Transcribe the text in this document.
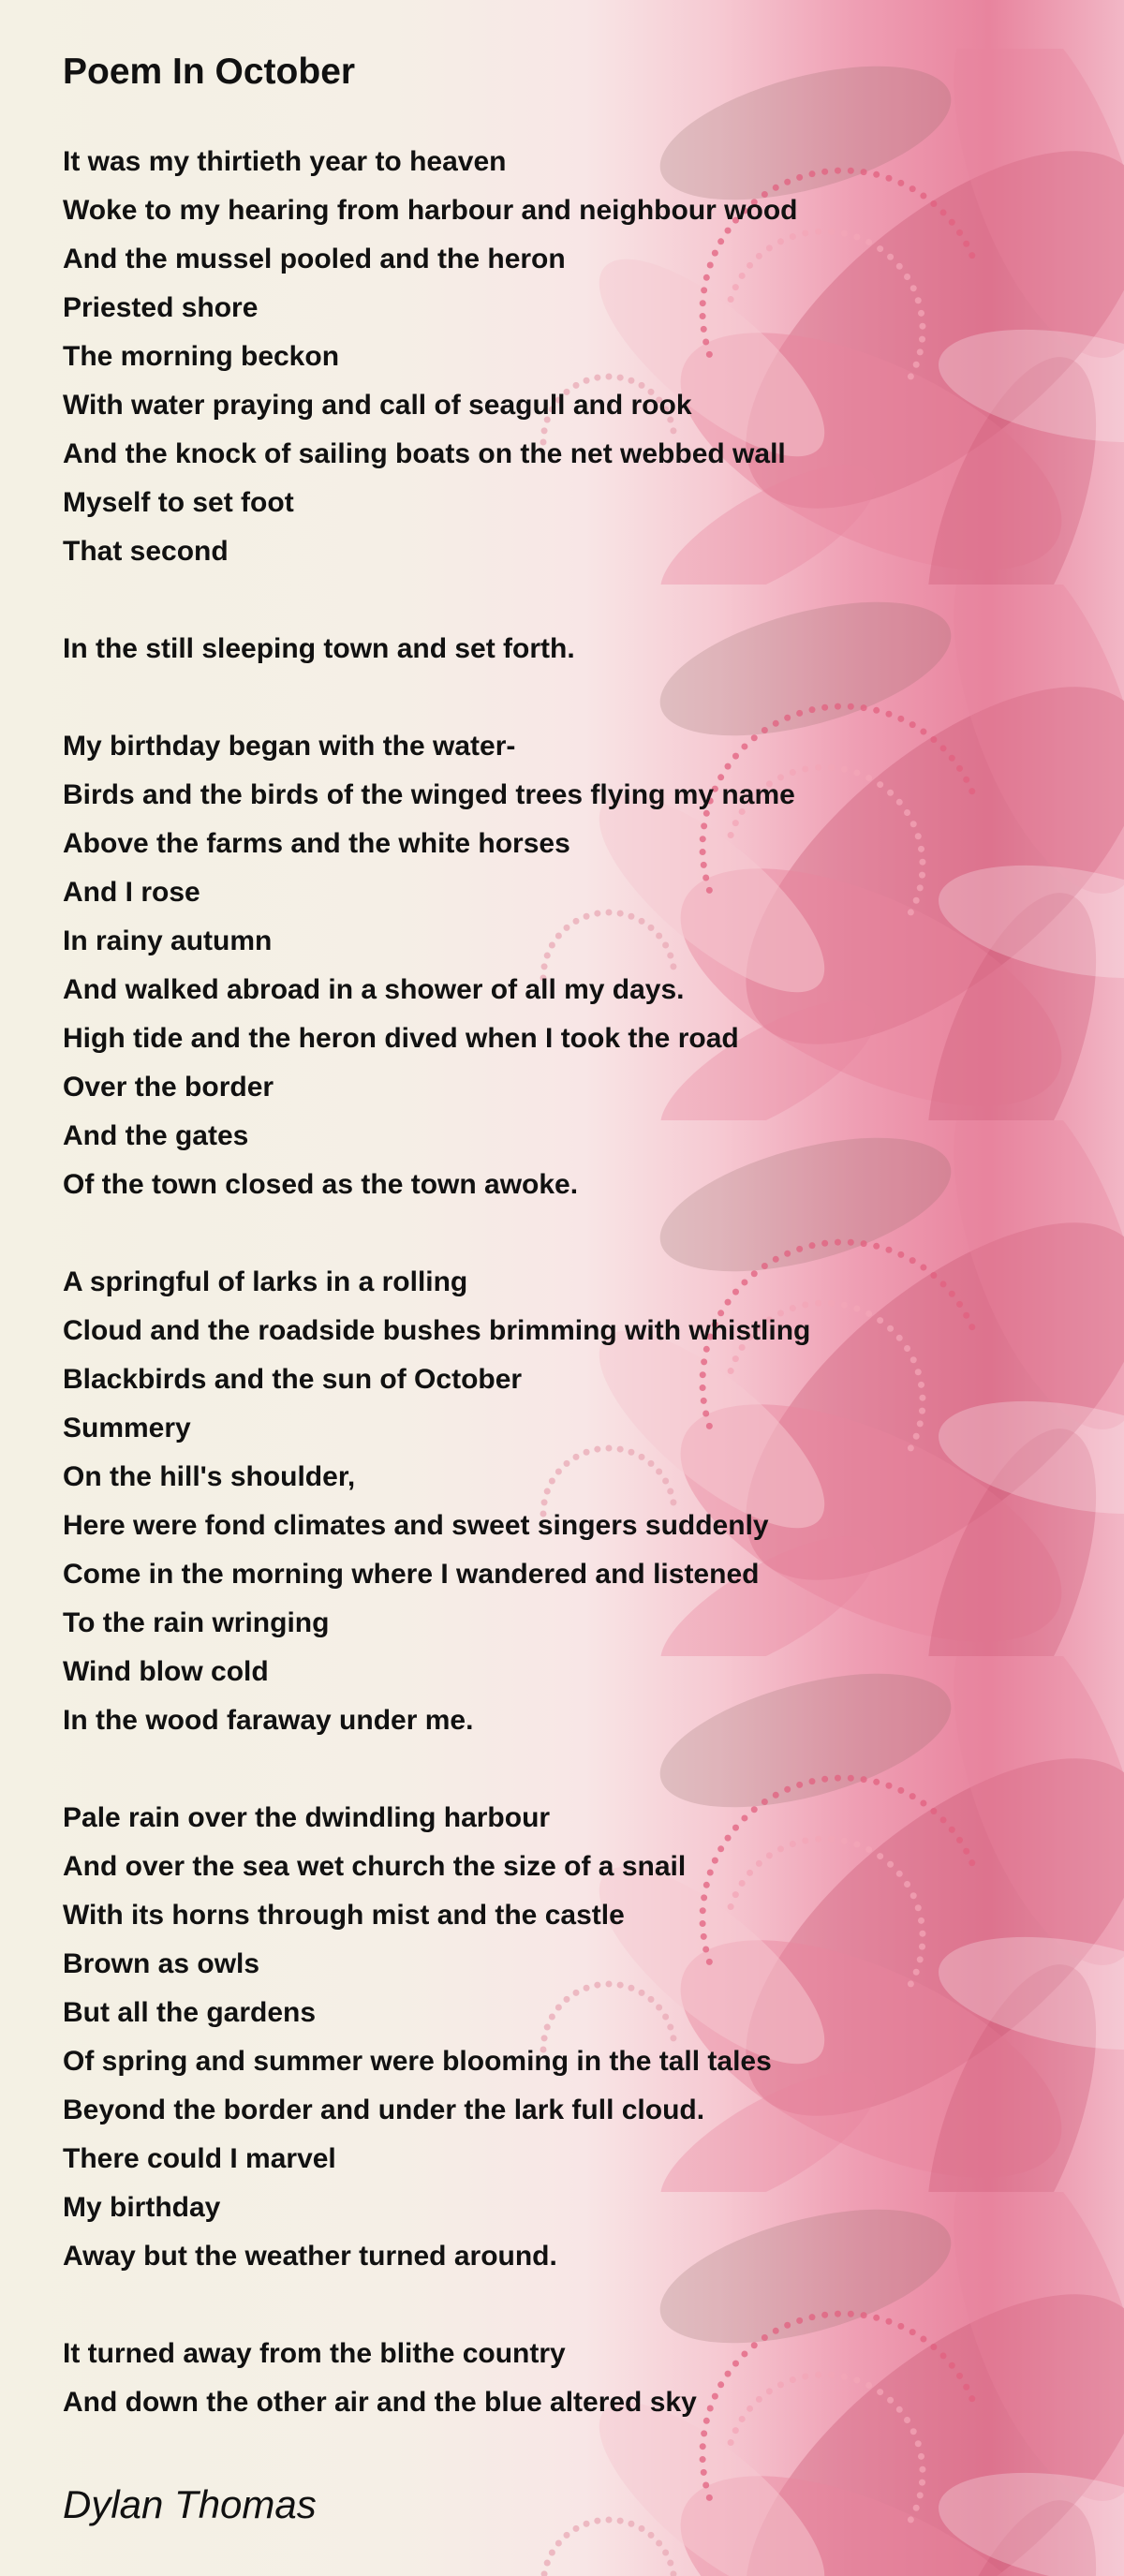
Poem In October
It was my thirtieth year to heaven
Woke to my hearing from harbour and neighbour wood
And the mussel pooled and the heron
Priested shore
The morning beckon
With water praying and call of seagull and rook
And the knock of sailing boats on the net webbed wall
Myself to set foot
That second
In the still sleeping town and set forth.
My birthday began with the water-
Birds and the birds of the winged trees flying my name
Above the farms and the white horses
And I rose
In rainy autumn
And walked abroad in a shower of all my days.
High tide and the heron dived when I took the road
Over the border
And the gates
Of the town closed as the town awoke.
A springful of larks in a rolling
Cloud and the roadside bushes brimming with whistling
Blackbirds and the sun of October
Summery
On the hill's shoulder,
Here were fond climates and sweet singers suddenly
Come in the morning where I wandered and listened
To the rain wringing
Wind blow cold
In the wood faraway under me.
Pale rain over the dwindling harbour
And over the sea wet church the size of a snail
With its horns through mist and the castle
Brown as owls
But all the gardens
Of spring and summer were blooming in the tall tales
Beyond the border and under the lark full cloud.
There could I marvel
My birthday
Away but the weather turned around.
It turned away from the blithe country
And down the other air and the blue altered sky
Dylan Thomas
